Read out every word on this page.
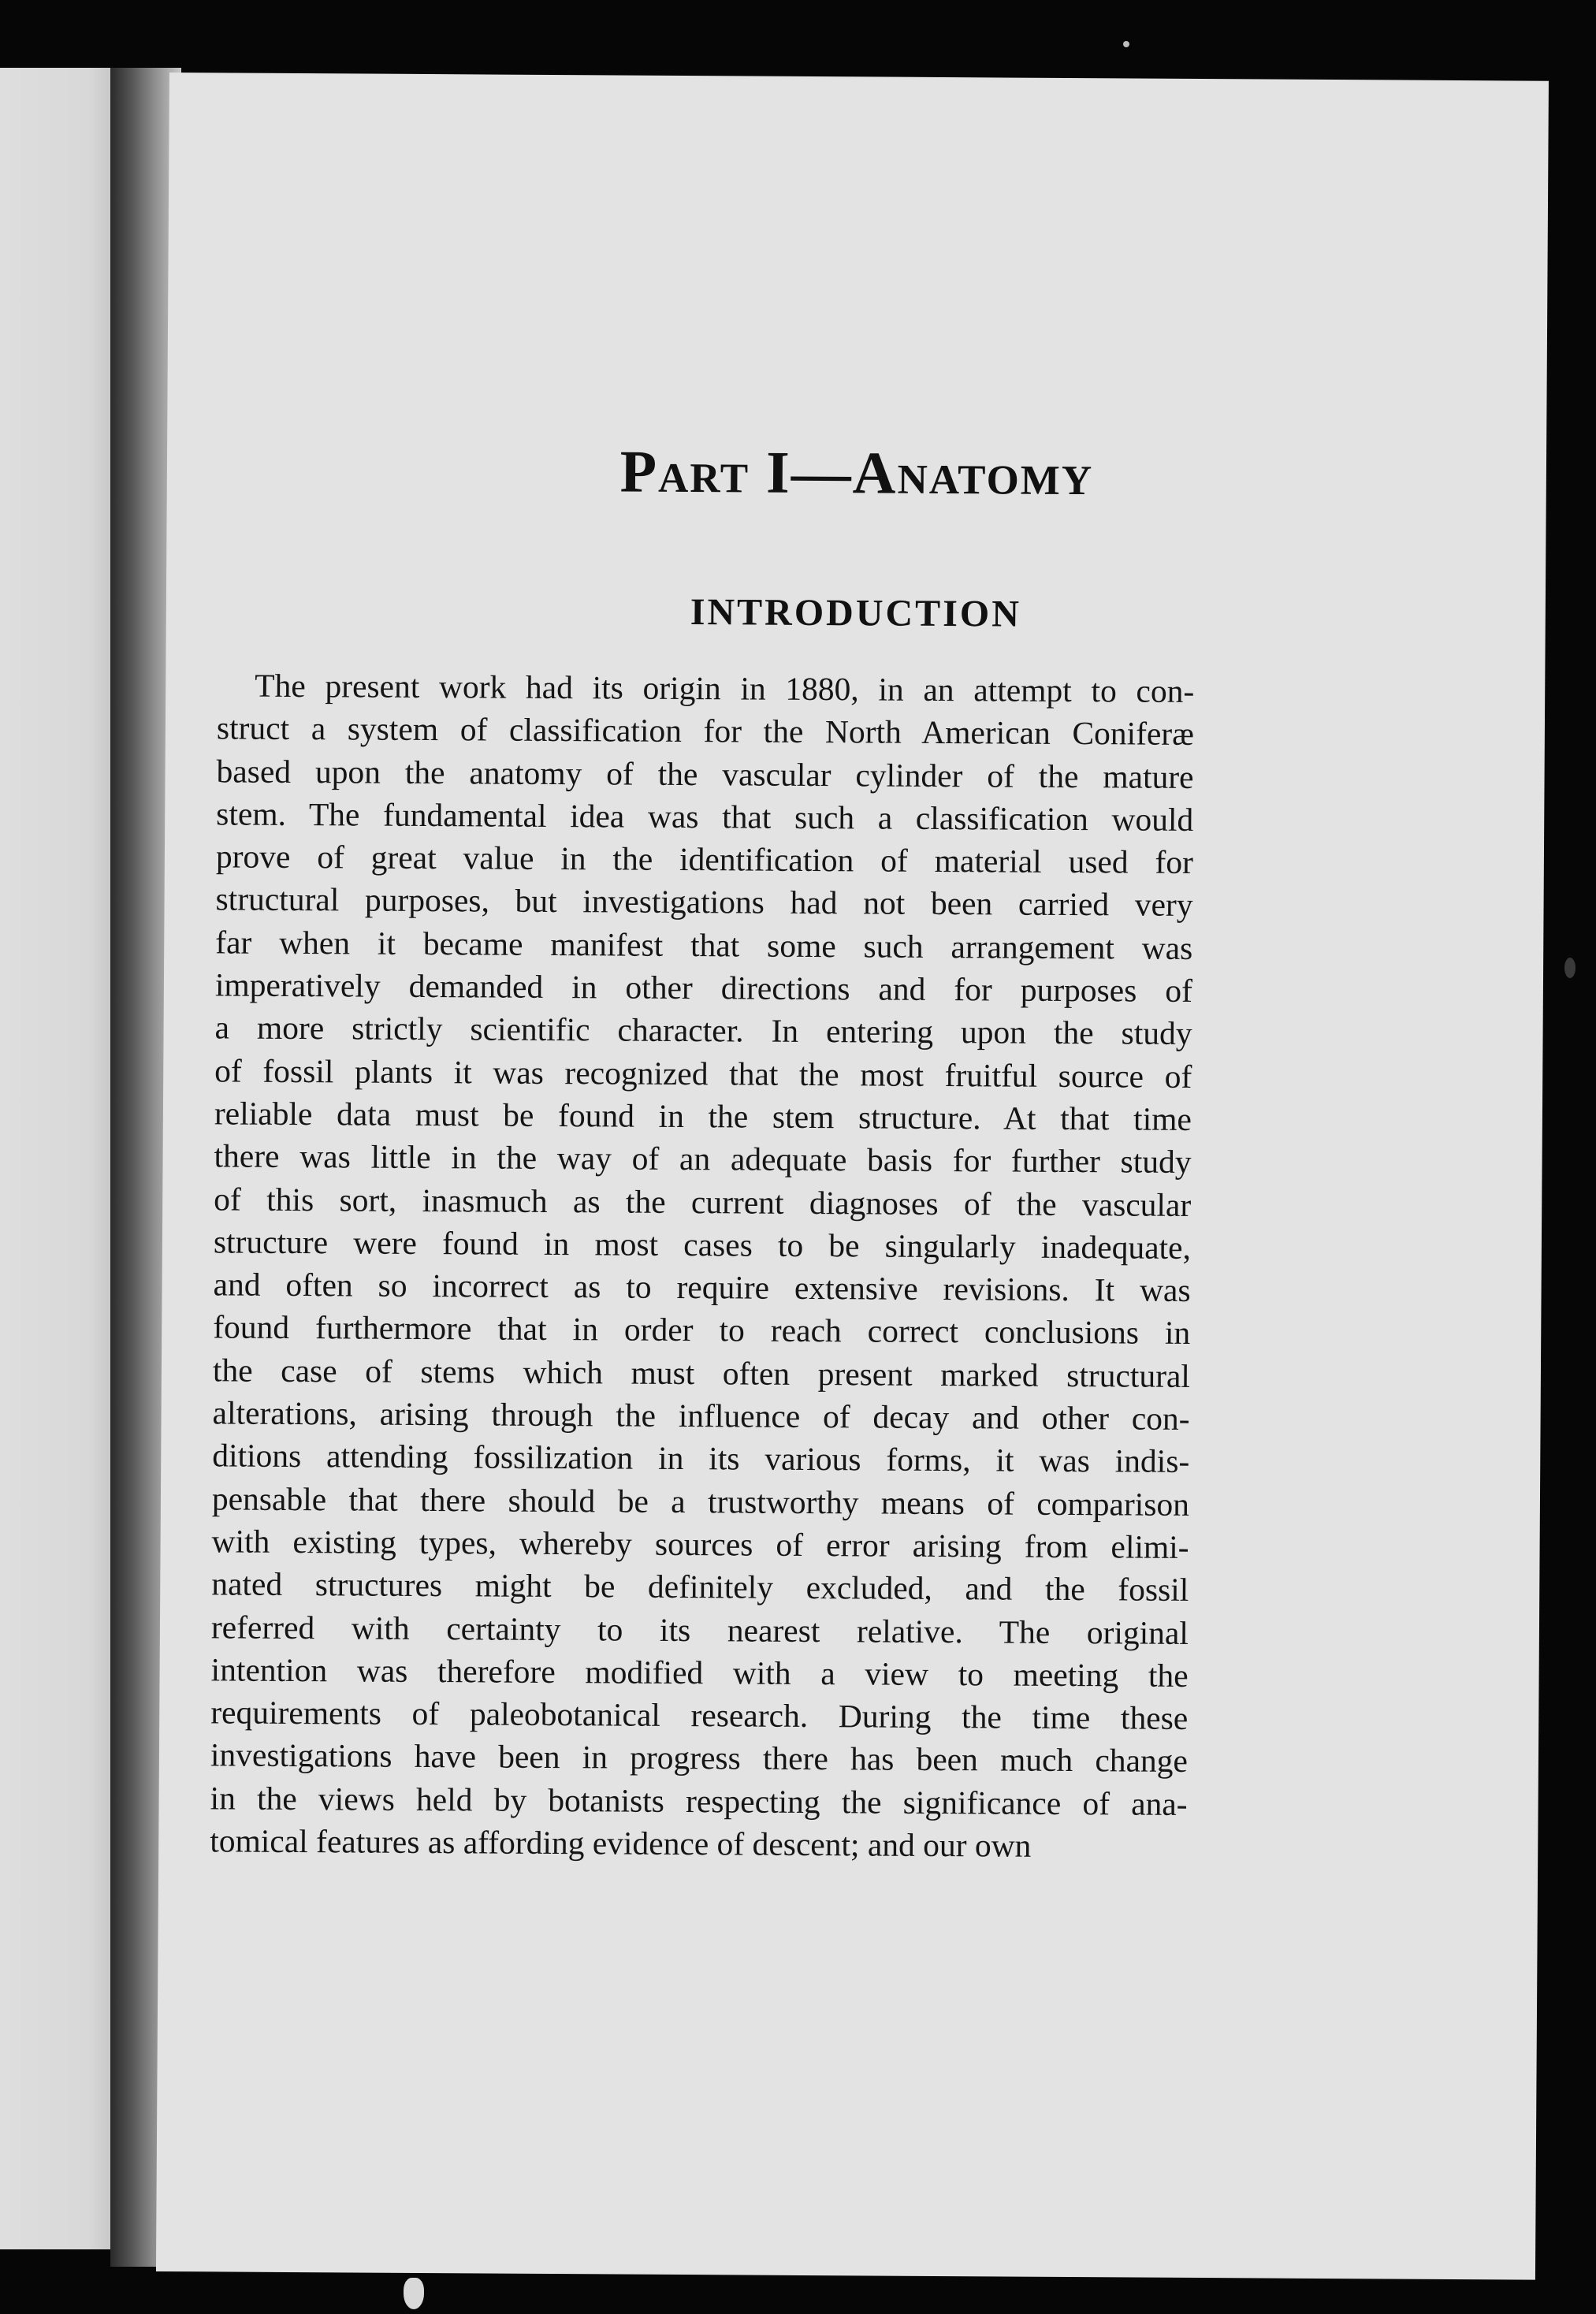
Part I—Anatomy
INTRODUCTION

The present work had its origin in 1880, in an attempt to con-
struct a system of classification for the North American Coniferæ
based upon the anatomy of the vascular cylinder of the mature
stem. The fundamental idea was that such a classification would
prove of great value in the identification of material used for
structural purposes, but investigations had not been carried very
far when it became manifest that some such arrangement was
imperatively demanded in other directions and for purposes of
a more strictly scientific character. In entering upon the study
of fossil plants it was recognized that the most fruitful source of
reliable data must be found in the stem structure. At that time
there was little in the way of an adequate basis for further study
of this sort, inasmuch as the current diagnoses of the vascular
structure were found in most cases to be singularly inadequate,
and often so incorrect as to require extensive revisions. It was
found furthermore that in order to reach correct conclusions in
the case of stems which must often present marked structural
alterations, arising through the influence of decay and other con-
ditions attending fossilization in its various forms, it was indis-
pensable that there should be a trustworthy means of comparison
with existing types, whereby sources of error arising from elimi-
nated structures might be definitely excluded, and the fossil
referred with certainty to its nearest relative. The original
intention was therefore modified with a view to meeting the
requirements of paleobotanical research. During the time these
investigations have been in progress there has been much change
in the views held by botanists respecting the significance of ana-
tomical features as affording evidence of descent; and our own
